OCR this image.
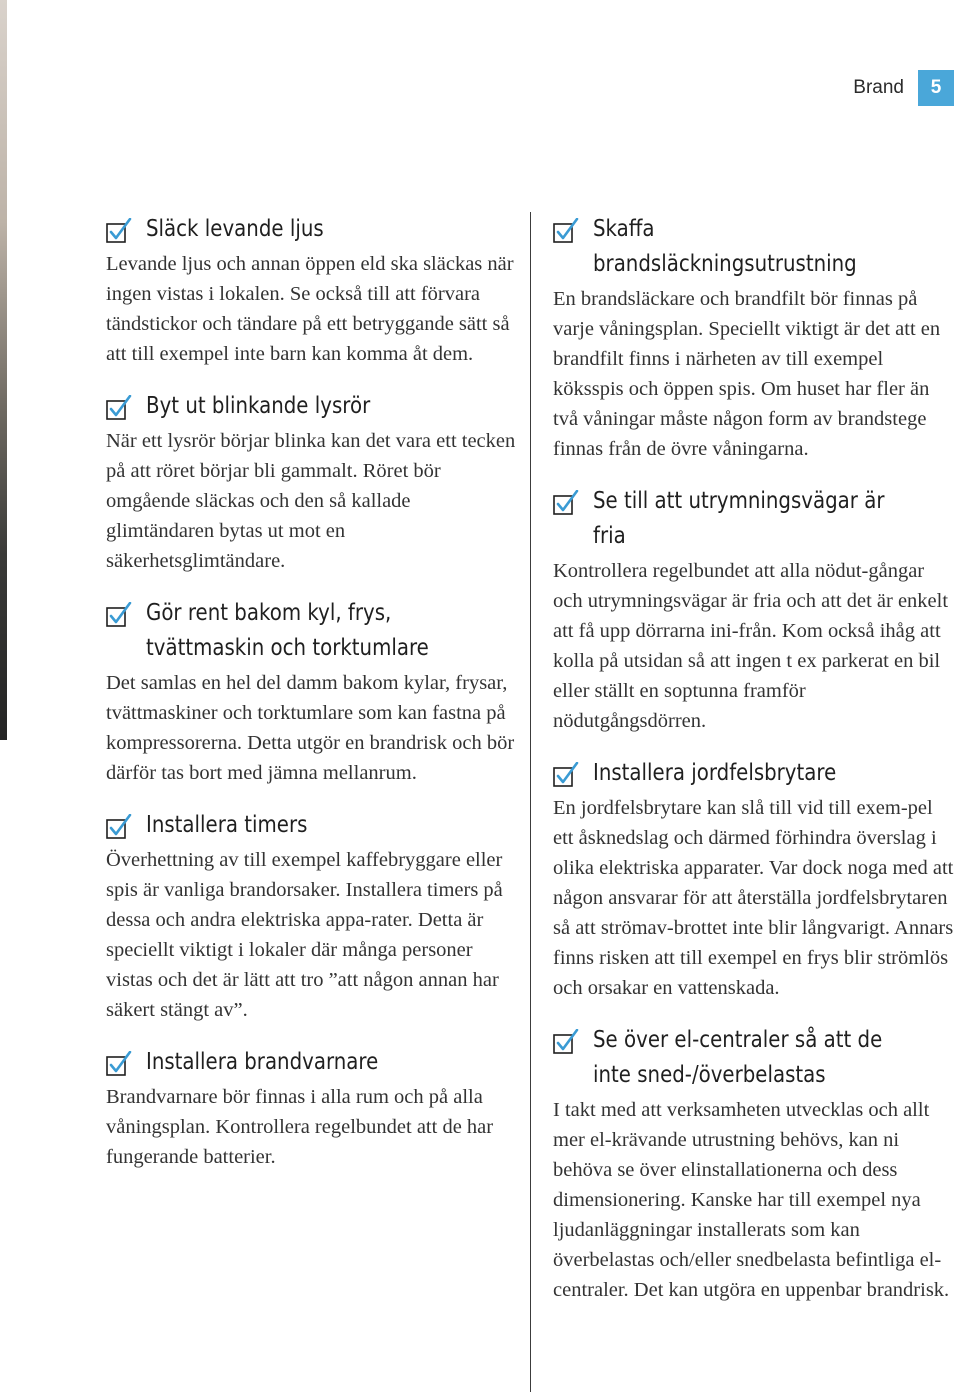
Brand	5
Släck levande ljus

Levande ljus och annan öppen eld ska släckas när ingen vistas i lokalen. Se också till att förvara tändstickor och tändare på ett betryggande sätt så att till exempel inte barn kan komma åt dem.

Byt ut blinkande lysrör

När ett lysrör börjar blinka kan det vara ett tecken på att röret börjar bli gammalt. Röret bör omgående släckas och den så kallade glimtändaren bytas ut mot en säkerhetsglimtändare.

Gör rent bakom kyl, frys,
tvättmaskin och torktumlare

Det samlas en hel del damm bakom kylar, frysar, tvättmaskiner och torktumlare som kan fastna på kompressorerna. Detta utgör en brandrisk och bör därför tas bort med jämna mellanrum.

Installera timers

Överhettning av till exempel kaffebryggare eller spis är vanliga brandorsaker. Installera timers på dessa och andra elektriska appa-rater. Detta är speciellt viktigt i lokaler där många personer vistas och det är lätt att tro ”att någon annan har säkert stängt av”.

Installera brandvarnare

Brandvarnare bör finnas i alla rum och på alla våningsplan. Kontrollera regelbundet att de har fungerande batterier.

Skaffa brandsläckningsutrustning

En brandsläckare och brandfilt bör finnas på varje våningsplan. Speciellt viktigt är det att en brandfilt finns i närheten av till exempel köksspis och öppen spis. Om huset har fler än två våningar måste någon form av brandstege finnas från de övre våningarna.

Se till att utrymningsvägar är fria

Kontrollera regelbundet att alla nödut-gångar och utrymningsvägar är fria och att det är enkelt att få upp dörrarna ini-från. Kom också ihåg att kolla på utsidan så att ingen t ex parkerat en bil eller ställt en soptunna framför nödutgångsdörren.

Installera jordfelsbrytare

En jordfelsbrytare kan slå till vid till exem-pel ett åsknedslag och därmed förhindra överslag i olika elektriska apparater. Var dock noga med att någon ansvarar för att återställa jordfelsbrytaren så att strömav-brottet inte blir långvarigt. Annars finns risken att till exempel en frys blir strömlös och orsakar en vattenskada.

Se över el-centraler så att de
inte sned-/överbelastas

I takt med att verksamheten utvecklas och allt mer el-krävande utrustning behövs, kan ni behöva se över elinstallationerna och dess dimensionering. Kanske har till exempel nya ljudanläggningar installerats som kan överbelastas och/eller snedbelasta befintliga el-centraler. Det kan utgöra en uppenbar brandrisk.
